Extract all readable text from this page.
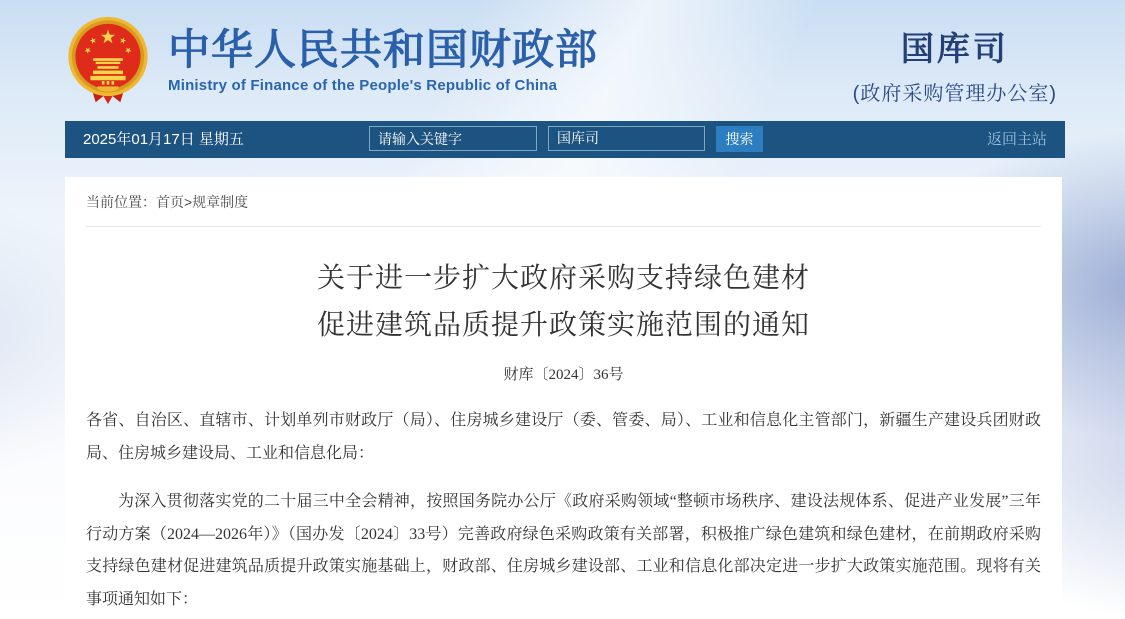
中华人民共和国财政部
Ministry of Finance of the People's Republic of China
国库司
(政府采购管理办公室)
2025年01月17日 星期五
请输入关键字	国库司	搜索	返回主站
当前位置：首页>规章制度
关于进一步扩大政府采购支持绿色建材
促进建筑品质提升政策实施范围的通知
财库〔2024〕36号

各省、自治区、直辖市、计划单列市财政厅（局）、住房城乡建设厅（委、管委、局）、工业和信息化主管部门，新疆生产建设兵团财政局、住房城乡建设局、工业和信息化局：

为深入贯彻落实党的二十届三中全会精神，按照国务院办公厅《政府采购领域“整顿市场秩序、建设法规体系、促进产业发展”三年行动方案（2024—2026年）》（国办发〔2024〕33号）完善政府绿色采购政策有关部署，积极推广绿色建筑和绿色建材，在前期政府采购支持绿色建材促进建筑品质提升政策实施基础上，财政部、住房城乡建设部、工业和信息化部决定进一步扩大政策实施范围。现将有关事项通知如下：
